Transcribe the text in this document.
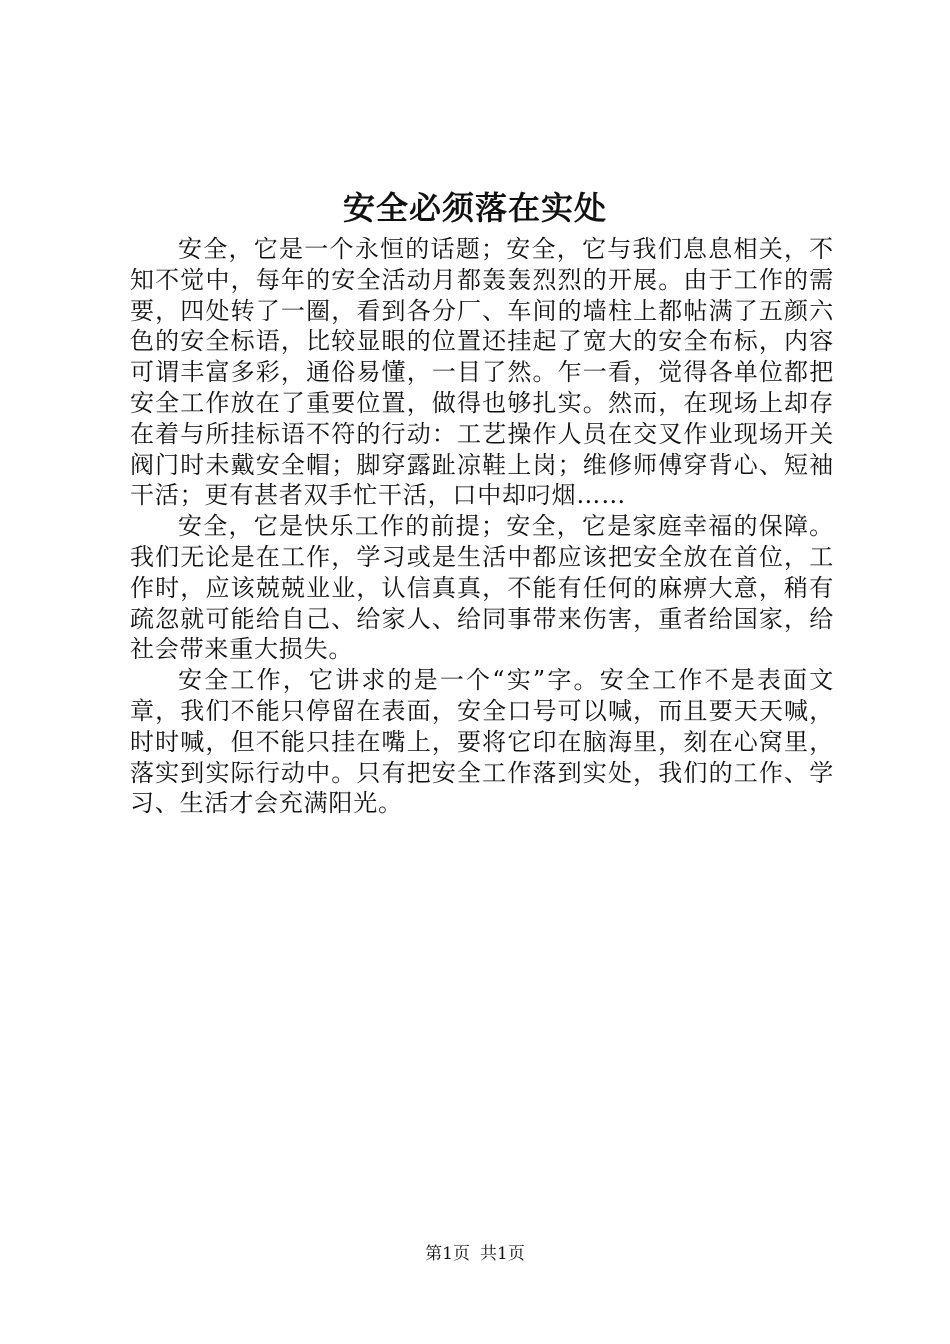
安全必须落在实处

安全，它是一个永恒的话题；安全，它与我们息息相关，不知不觉中，每年的安全活动月都轰轰烈烈的开展。由于工作的需要，四处转了一圈，看到各分厂、车间的墙柱上都帖满了五颜六色的安全标语，比较显眼的位置还挂起了宽大的安全布标，内容可谓丰富多彩，通俗易懂，一目了然。乍一看，觉得各单位都把安全工作放在了重要位置，做得也够扎实。然而，在现场上却存在着与所挂标语不符的行动：工艺操作人员在交叉作业现场开关阀门时未戴安全帽；脚穿露趾凉鞋上岗；维修师傅穿背心、短袖干活；更有甚者双手忙干活，口中却叼烟……

安全，它是快乐工作的前提；安全，它是家庭幸福的保障。我们无论是在工作，学习或是生活中都应该把安全放在首位，工作时，应该兢兢业业，认信真真，不能有任何的麻痹大意，稍有疏忽就可能给自己、给家人、给同事带来伤害，重者给国家，给社会带来重大损失。

安全工作，它讲求的是一个“实”字。安全工作不是表面文章，我们不能只停留在表面，安全口号可以喊，而且要天天喊，时时喊，但不能只挂在嘴上，要将它印在脑海里，刻在心窝里，落实到实际行动中。只有把安全工作落到实处，我们的工作、学习、生活才会充满阳光。

第1页 共1页
